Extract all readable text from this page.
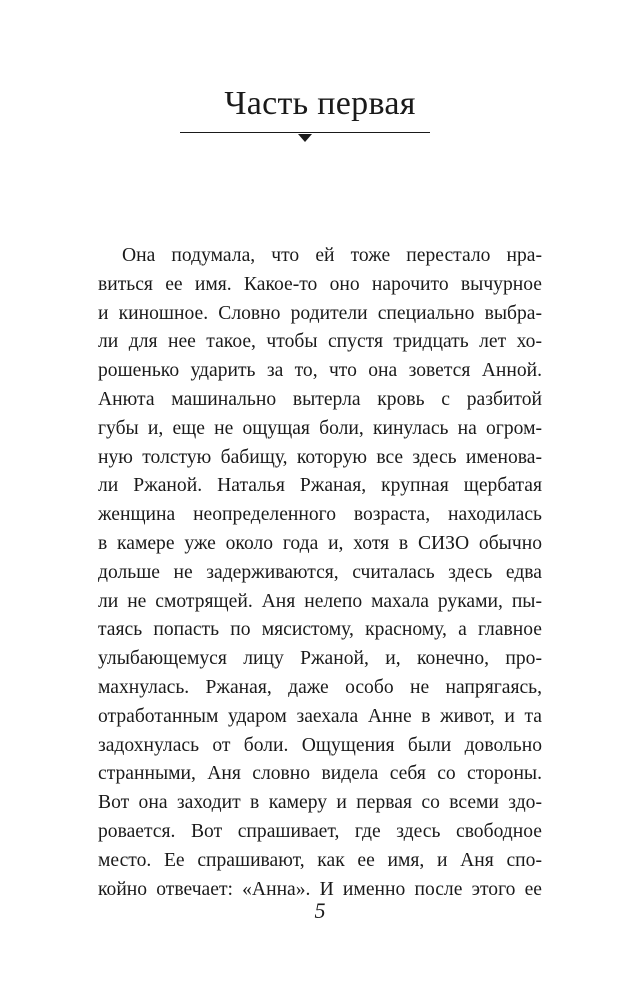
Часть первая
Она подумала, что ей тоже перестало нра-
виться ее имя. Какое-то оно нарочито вычурное
и киношное. Словно родители специально выбра-
ли для нее такое, чтобы спустя тридцать лет хо-
рошенько ударить за то, что она зовется Анной.
Анюта машинально вытерла кровь с разбитой
губы и, еще не ощущая боли, кинулась на огром-
ную толстую бабищу, которую все здесь именова-
ли Ржаной. Наталья Ржаная, крупная щербатая
женщина неопределенного возраста, находилась
в камере уже около года и, хотя в СИЗО обычно
дольше не задерживаются, считалась здесь едва
ли не смотрящей. Аня нелепо махала руками, пы-
таясь попасть по мясистому, красному, а главное
улыбающемуся лицу Ржаной, и, конечно, про-
махнулась. Ржаная, даже особо не напрягаясь,
отработанным ударом заехала Анне в живот, и та
задохнулась от боли. Ощущения были довольно
странными, Аня словно видела себя со стороны.
Вот она заходит в камеру и первая со всеми здо-
ровается. Вот спрашивает, где здесь свободное
место. Ее спрашивают, как ее имя, и Аня спо-
койно отвечает: «Анна». И именно после этого ее
5
